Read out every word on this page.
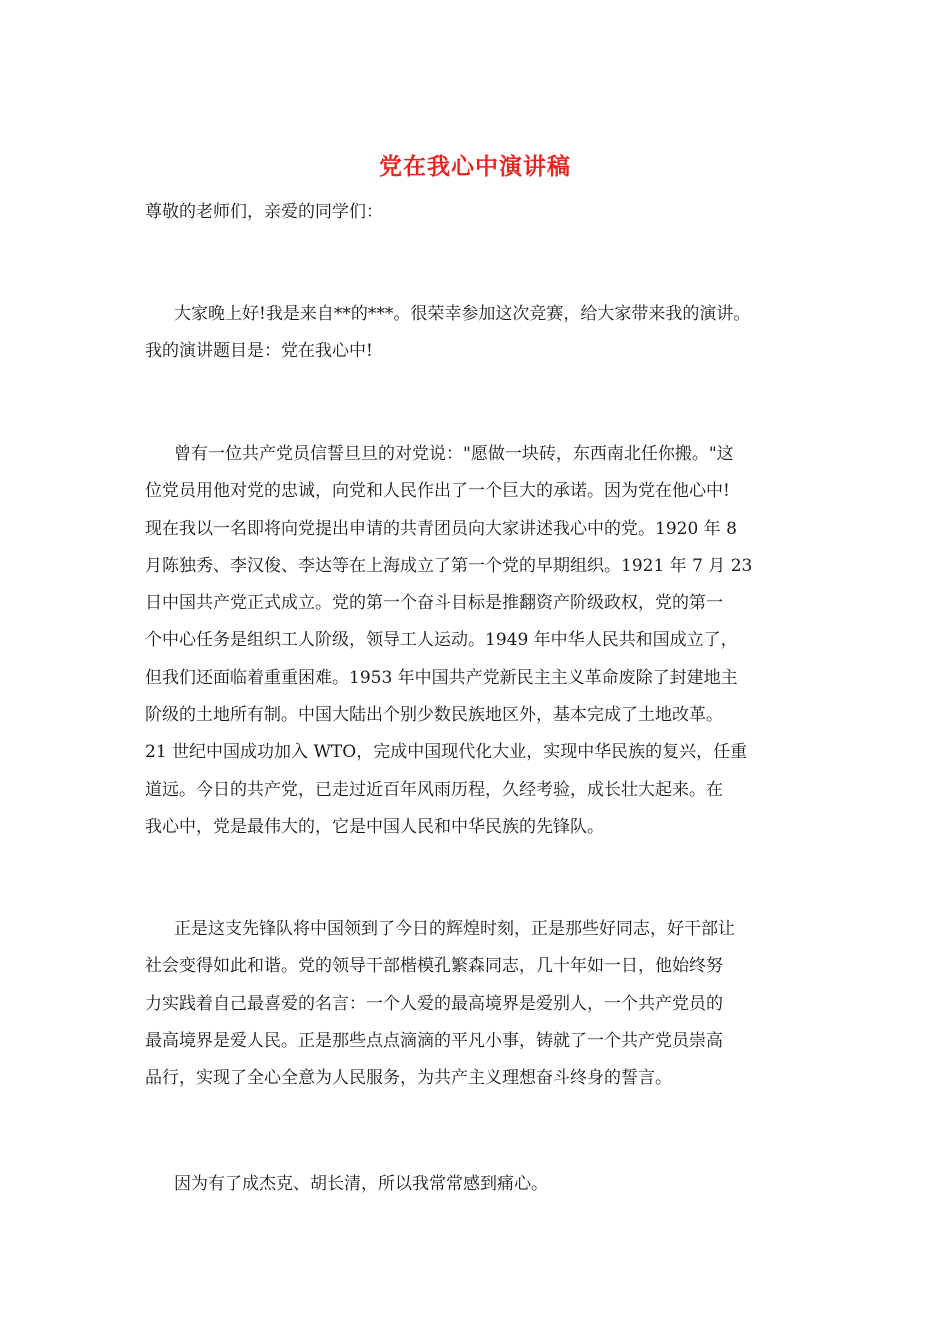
党在我心中演讲稿
尊敬的老师们，亲爱的同学们：
大家晚上好!我是来自**的***。很荣幸参加这次竞赛，给大家带来我的演讲。
我的演讲题目是：党在我心中!
曾有一位共产党员信誓旦旦的对党说："愿做一块砖，东西南北任你搬。"这
位党员用他对党的忠诚，向党和人民作出了一个巨大的承诺。因为党在他心中!
现在我以一名即将向党提出申请的共青团员向大家讲述我心中的党。1920 年 8
月陈独秀、李汉俊、李达等在上海成立了第一个党的早期组织。1921 年 7 月 23
日中国共产党正式成立。党的第一个奋斗目标是推翻资产阶级政权，党的第一
个中心任务是组织工人阶级，领导工人运动。1949 年中华人民共和国成立了，
但我们还面临着重重困难。1953 年中国共产党新民主主义革命废除了封建地主
阶级的土地所有制。中国大陆出个别少数民族地区外，基本完成了土地改革。
21 世纪中国成功加入 WTO，完成中国现代化大业，实现中华民族的复兴，任重
道远。今日的共产党，已走过近百年风雨历程，久经考验，成长壮大起来。在
我心中，党是最伟大的，它是中国人民和中华民族的先锋队。
正是这支先锋队将中国领到了今日的辉煌时刻，正是那些好同志，好干部让
社会变得如此和谐。党的领导干部楷模孔繁森同志，几十年如一日，他始终努
力实践着自己最喜爱的名言：一个人爱的最高境界是爱别人，一个共产党员的
最高境界是爱人民。正是那些点点滴滴的平凡小事，铸就了一个共产党员崇高
品行，实现了全心全意为人民服务，为共产主义理想奋斗终身的誓言。
因为有了成杰克、胡长清，所以我常常感到痛心。
